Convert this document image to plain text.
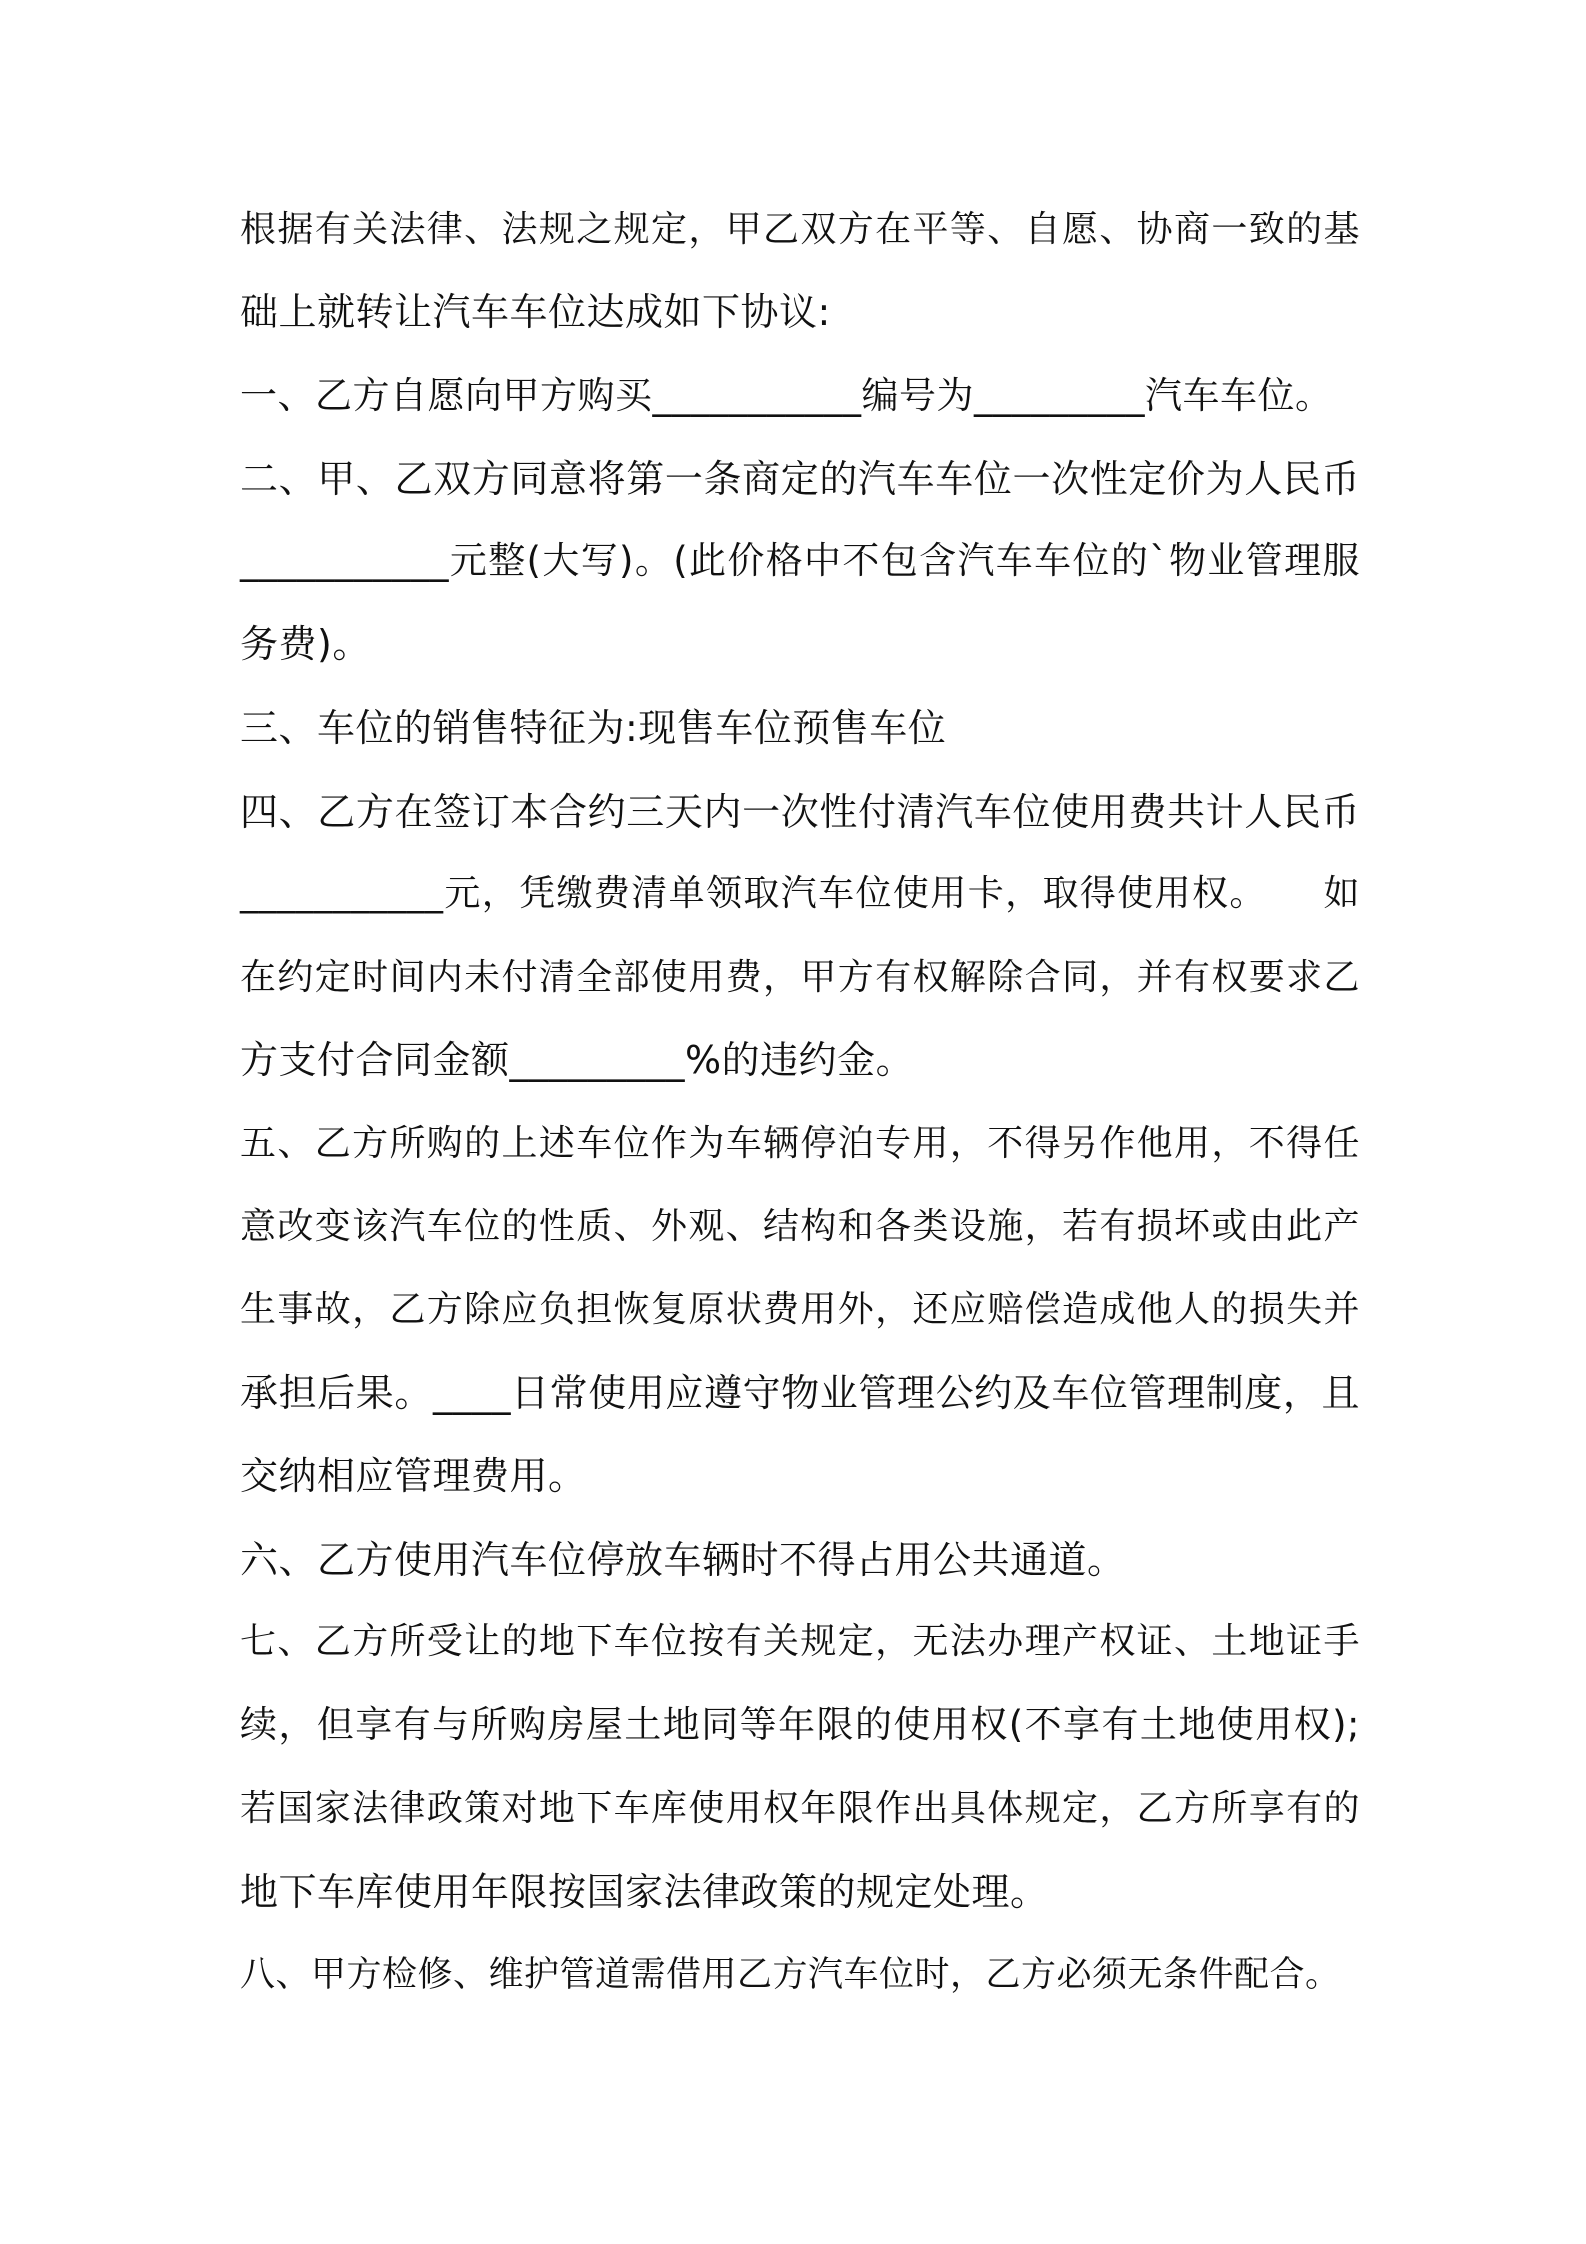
根据有关法律、法规之规定，甲乙双方在平等、自愿、协商一致的基
础上就转让汽车车位达成如下协议:
一、乙方自愿向甲方购买___________编号为_________汽车车位。
二、甲、乙双方同意将第一条商定的汽车车位一次性定价为人民币
___________元整(大写)。(此价格中不包含汽车车位的`物业管理服
务费)。
三、车位的销售特征为:现售车位预售车位
四、乙方在签订本合约三天内一次性付清汽车位使用费共计人民币
___________元，凭缴费清单领取汽车位使用卡，取得使用权。　　如
在约定时间内未付清全部使用费，甲方有权解除合同，并有权要求乙
方支付合同金额_________%的违约金。
五、乙方所购的上述车位作为车辆停泊专用，不得另作他用，不得任
意改变该汽车位的性质、外观、结构和各类设施，若有损坏或由此产
生事故，乙方除应负担恢复原状费用外，还应赔偿造成他人的损失并
承担后果。____日常使用应遵守物业管理公约及车位管理制度，且
交纳相应管理费用。
六、乙方使用汽车位停放车辆时不得占用公共通道。
七、乙方所受让的地下车位按有关规定，无法办理产权证、土地证手
续，但享有与所购房屋土地同等年限的使用权(不享有土地使用权);
若国家法律政策对地下车库使用权年限作出具体规定，乙方所享有的
地下车库使用年限按国家法律政策的规定处理。
八、甲方检修、维护管道需借用乙方汽车位时，乙方必须无条件配合。
